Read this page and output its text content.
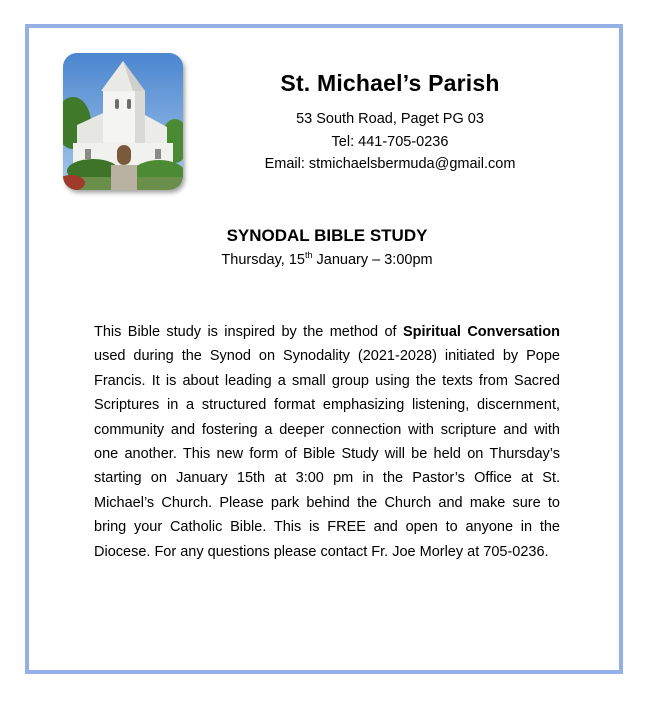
St. Michael’s Parish
53 South Road, Paget PG 03
Tel: 441-705-0236
Email: stmichaelsbermuda@gmail.com
SYNODAL BIBLE STUDY
Thursday, 15th January – 3:00pm
This Bible study is inspired by the method of Spiritual Conversation used during the Synod on Synodality (2021-2028) initiated by Pope Francis. It is about leading a small group using the texts from Sacred Scriptures in a structured format emphasizing listening, discernment, community and fostering a deeper connection with scripture and with one another. This new form of Bible Study will be held on Thursday’s starting on January 15th at 3:00 pm in the Pastor’s Office at St. Michael’s Church. Please park behind the Church and make sure to bring your Catholic Bible. This is FREE and open to anyone in the Diocese. For any questions please contact Fr. Joe Morley at 705-0236.
